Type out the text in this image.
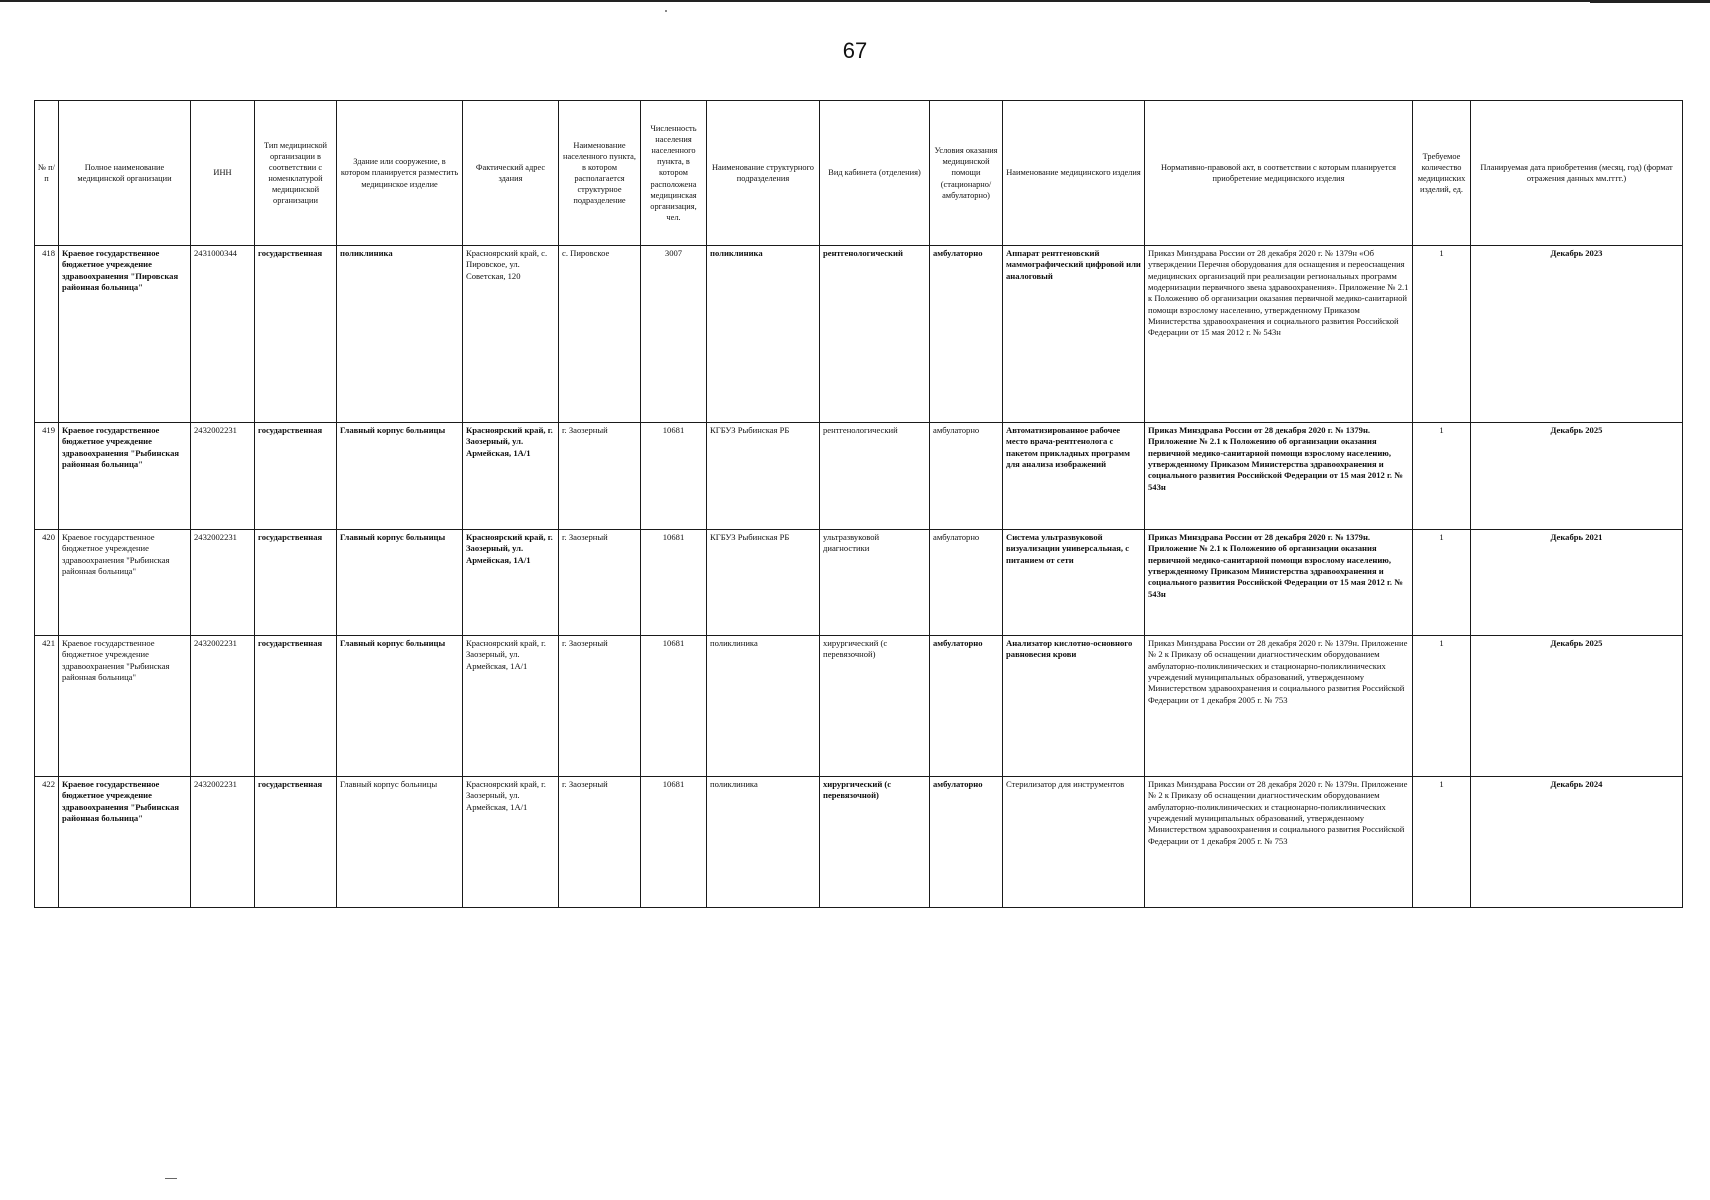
67
№ п/п	Полное наименование медицинской организации	ИНН	Тип медицинской организации в соответствии с номенклатурой медицинской организации	Здание или сооружение, в котором планируется разместить медицинское изделие	Фактический адрес здания	Наименование населенного пункта, в котором располагается структурное подразделение	Численность населения населенного пункта, в котором расположена медицинская организация, чел.	Наименование структурного подразделения	Вид кабинета (отделения)	Условия оказания медицинской помощи (стационарно/ амбулаторно)	Наименование медицинского изделия	Нормативно-правовой акт, в соответствии с которым планируется приобретение медицинского изделия	Требуемое количество медицинских изделий, ед.	Планируемая дата приобретения (месяц, год) (формат отражения данных мм.гггг.)
418	Краевое государственное бюджетное учреждение здравоохранения "Пировская районная больница"	2431000344	государственная	поликлиника	Красноярский край, с. Пировское, ул. Советская, 120	с. Пировское	3007	поликлиника	рентгенологический	амбулаторно	Аппарат рентгеновский маммографический цифровой или аналоговый	Приказ Минздрава России от 28 декабря 2020 г. № 1379н «Об утверждении Перечня оборудования для оснащения и переоснащения медицинских организаций при реализации региональных программ модернизации первичного звена здравоохранения». Приложение № 2.1 к Положению об организации оказания первичной медико-санитарной помощи взрослому населению, утвержденному Приказом Министерства здравоохранения и социального развития Российской Федерации от 15 мая 2012 г. № 543н	1	Декабрь 2023
419	Краевое государственное бюджетное учреждение здравоохранения "Рыбинская районная больница"	2432002231	государственная	Главный корпус больницы	Красноярский край, г. Заозерный, ул. Армейская, 1А/1	г. Заозерный	10681	КГБУЗ Рыбинская РБ	рентгенологический	амбулаторно	Автоматизированное рабочее место врача-рентгенолога с пакетом прикладных программ для анализа изображений	Приказ Минздрава России от 28 декабря 2020 г. № 1379н. Приложение № 2.1 к Положению об организации оказания первичной медико-санитарной помощи взрослому населению, утвержденному Приказом Министерства здравоохранения и социального развития Российской Федерации от 15 мая 2012 г. № 543н	1	Декабрь 2025
420	Краевое государственное бюджетное учреждение здравоохранения "Рыбинская районная больница"	2432002231	государственная	Главный корпус больницы	Красноярский край, г. Заозерный, ул. Армейская, 1А/1	г. Заозерный	10681	КГБУЗ Рыбинская РБ	ультразвуковой диагностики	амбулаторно	Система ультразвуковой визуализации универсальная, с питанием от сети	Приказ Минздрава России от 28 декабря 2020 г. № 1379н. Приложение № 2.1 к Положению об организации оказания первичной медико-санитарной помощи взрослому населению, утвержденному Приказом Министерства здравоохранения и социального развития Российской Федерации от 15 мая 2012 г. № 543н	1	Декабрь 2021
421	Краевое государственное бюджетное учреждение здравоохранения "Рыбинская районная больница"	2432002231	государственная	Главный корпус больницы	Красноярский край, г. Заозерный, ул. Армейская, 1А/1	г. Заозерный	10681	поликлиника	хирургический (с перевязочной)	амбулаторно	Анализатор кислотно-основного равновесия крови	Приказ Минздрава России от 28 декабря 2020 г. № 1379н. Приложение № 2 к Приказу об оснащении диагностическим оборудованием амбулаторно-поликлинических и стационарно-поликлинических учреждений муниципальных образований, утвержденному Министерством здравоохранения и социального развития Российской Федерации от 1 декабря 2005 г. № 753	1	Декабрь 2025
422	Краевое государственное бюджетное учреждение здравоохранения "Рыбинская районная больница"	2432002231	государственная	Главный корпус больницы	Красноярский край, г. Заозерный, ул. Армейская, 1А/1	г. Заозерный	10681	поликлиника	хирургический (с перевязочной)	амбулаторно	Стерилизатор для инструментов	Приказ Минздрава России от 28 декабря 2020 г. № 1379н. Приложение № 2 к Приказу об оснащении диагностическим оборудованием амбулаторно-поликлинических и стационарно-поликлинических учреждений муниципальных образований, утвержденному Министерством здравоохранения и социального развития Российской Федерации от 1 декабря 2005 г. № 753	1	Декабрь 2024
